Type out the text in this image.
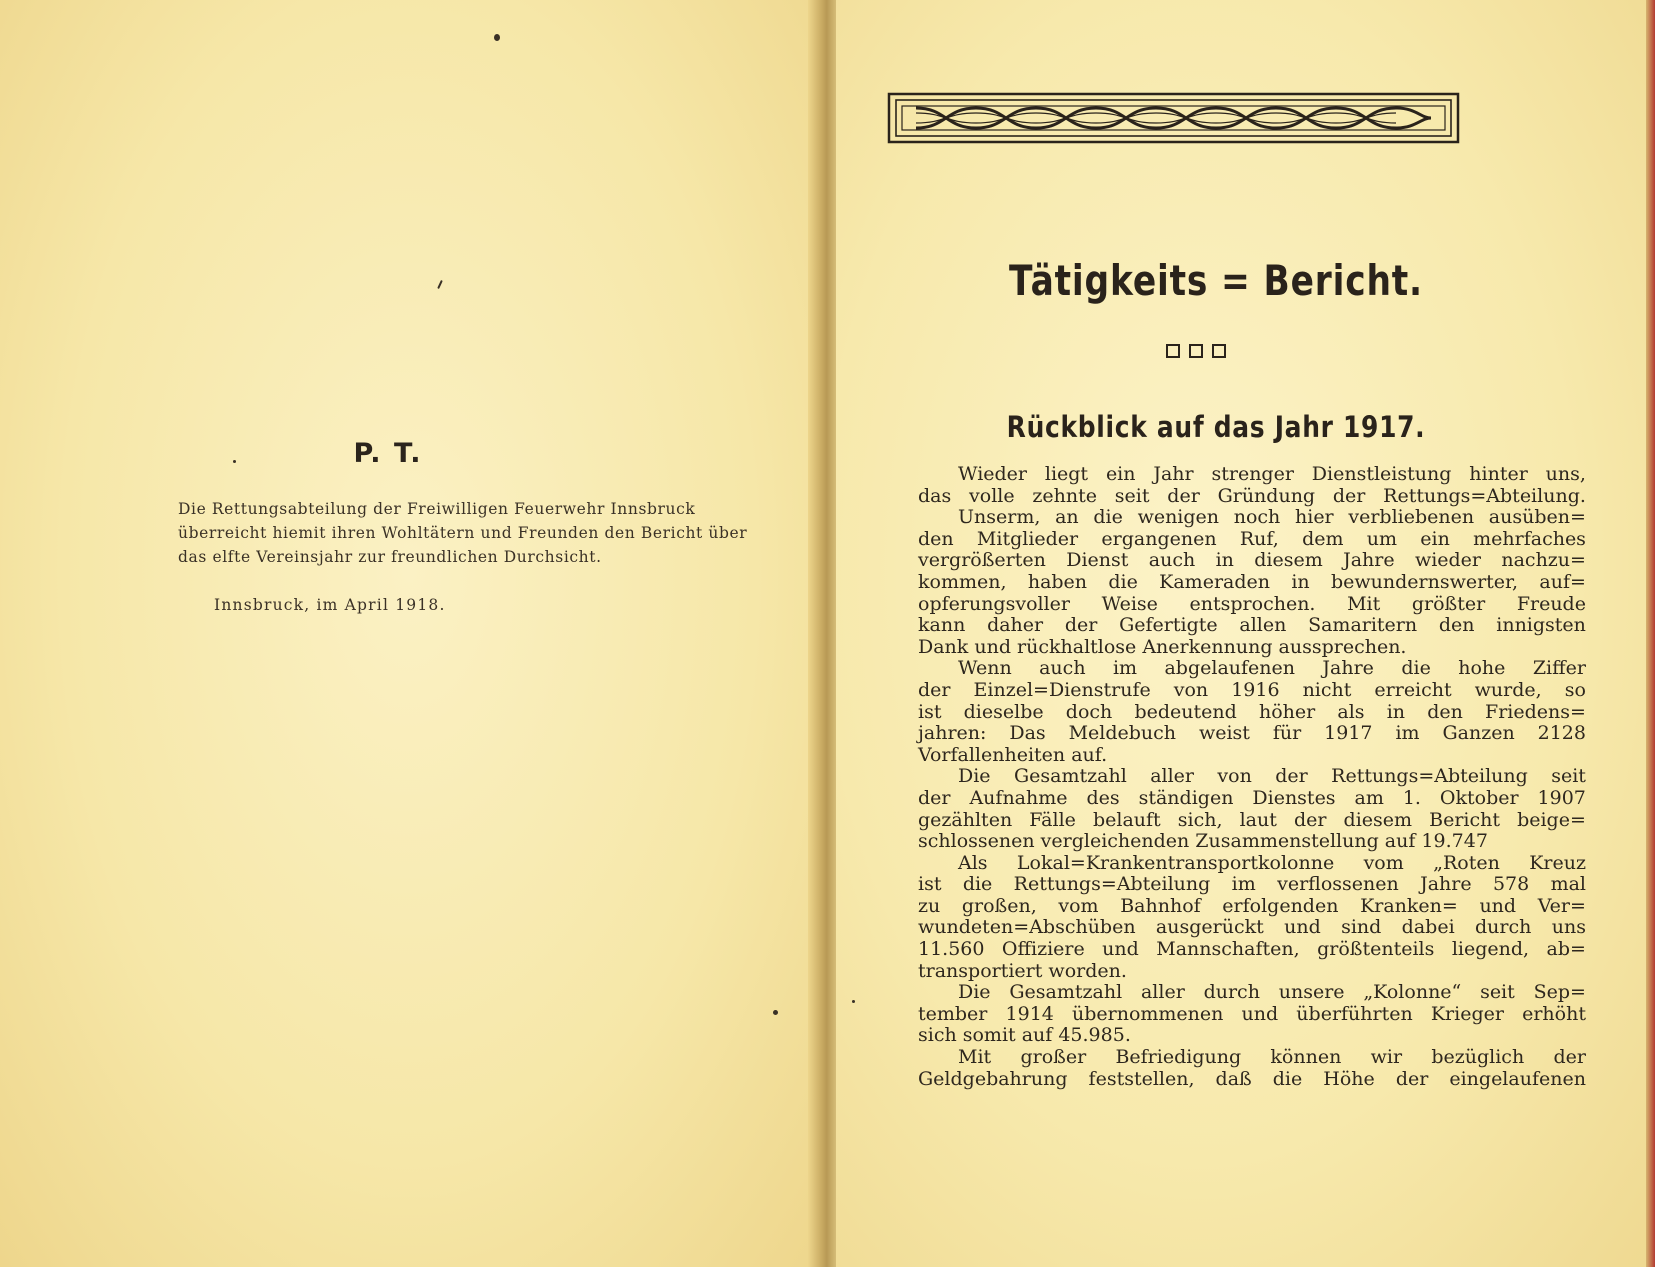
P. T.
Die Rettungsabteilung der Freiwilligen Feuerwehr Innsbruck
überreicht hiemit ihren Wohltätern und Freunden den Bericht über
das elfte Vereinsjahr zur freundlichen Durchsicht.
Innsbruck, im April 1918.
Tätigkeits = Bericht.
Rückblick auf das Jahr 1917.
Wieder liegt ein Jahr strenger Dienstleistung hinter uns,
das volle zehnte seit der Gründung der Rettungs=Abteilung.
Unserm, an die wenigen noch hier verbliebenen ausüben=
den Mitglieder ergangenen Ruf, dem um ein mehrfaches
vergrößerten Dienst auch in diesem Jahre wieder nachzu=
kommen, haben die Kameraden in bewundernswerter, auf=
opferungsvoller Weise entsprochen. Mit größter Freude
kann daher der Gefertigte allen Samaritern den innigsten
Dank und rückhaltlose Anerkennung aussprechen.
Wenn auch im abgelaufenen Jahre die hohe Ziffer
der Einzel=Dienstrufe von 1916 nicht erreicht wurde, so
ist dieselbe doch bedeutend höher als in den Friedens=
jahren: Das Meldebuch weist für 1917 im Ganzen 2128
Vorfallenheiten auf.
Die Gesamtzahl aller von der Rettungs=Abteilung seit
der Aufnahme des ständigen Dienstes am 1. Oktober 1907
gezählten Fälle belauft sich, laut der diesem Bericht beige=
schlossenen vergleichenden Zusammenstellung auf 19.747
Als Lokal=Krankentransportkolonne vom „Roten Kreuz
ist die Rettungs=Abteilung im verflossenen Jahre 578 mal
zu großen, vom Bahnhof erfolgenden Kranken= und Ver=
wundeten=Abschüben ausgerückt und sind dabei durch uns
11.560 Offiziere und Mannschaften, größtenteils liegend, ab=
transportiert worden.
Die Gesamtzahl aller durch unsere „Kolonne“ seit Sep=
tember 1914 übernommenen und überführten Krieger erhöht
sich somit auf 45.985.
Mit großer Befriedigung können wir bezüglich der
Geldgebahrung feststellen, daß die Höhe der eingelaufenen
